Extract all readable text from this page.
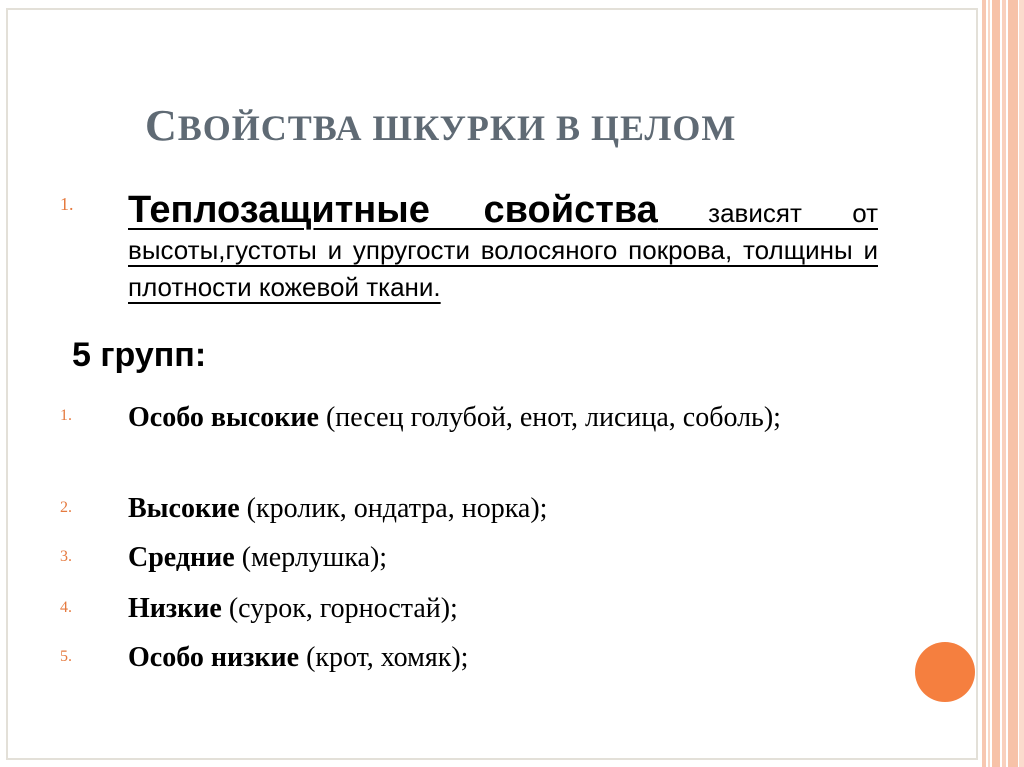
СВОЙСТВА ШКУРКИ В ЦЕЛОМ
1.	Теплозащитные свойства зависят от высоты,густоты и упругости волосяного покрова, толщины и плотности кожевой ткани.
5 групп:
1.	Особо высокие (песец голубой, енот, лисица, соболь);
2.	Высокие (кролик, ондатра, норка);
3.	Средние (мерлушка);
4.	Низкие (сурок, горностай);
5.	Особо низкие (крот, хомяк);
